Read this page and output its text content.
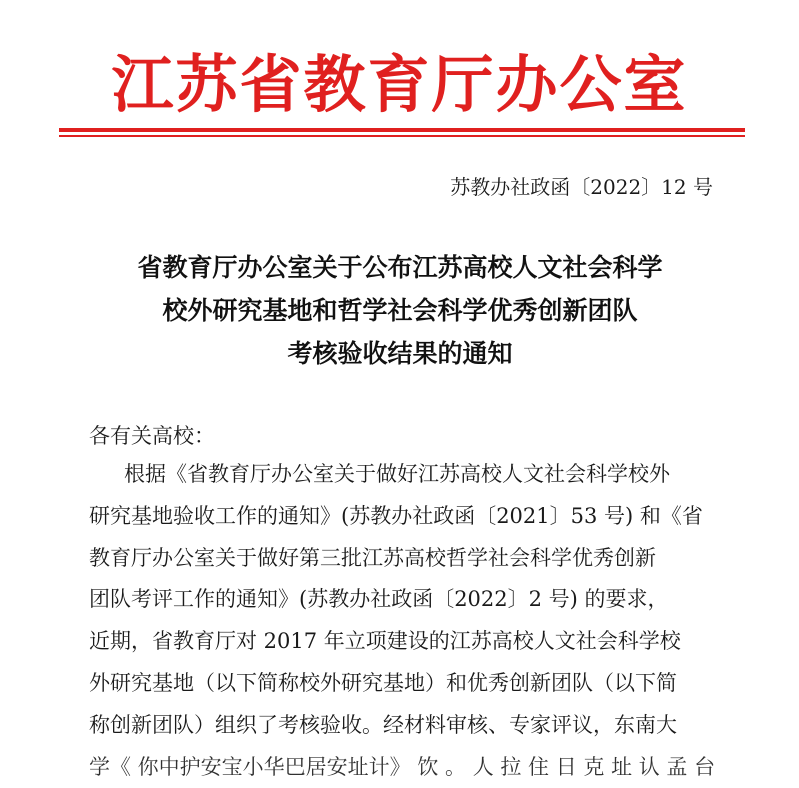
江苏省教育厅办公室
苏教办社政函〔2022〕12 号
省教育厅办公室关于公布江苏高校人文社会科学
校外研究基地和哲学社会科学优秀创新团队
考核验收结果的通知
各有关高校：
根据《省教育厅办公室关于做好江苏高校人文社会科学校外
研究基地验收工作的通知》(苏教办社政函〔2021〕53 号) 和《省
教育厅办公室关于做好第三批江苏高校哲学社会科学优秀创新
团队考评工作的通知》(苏教办社政函〔2022〕2 号) 的要求，
近期，省教育厅对 2017 年立项建设的江苏高校人文社会科学校
外研究基地（以下简称校外研究基地）和优秀创新团队（以下简
称创新团队）组织了考核验收。经材料审核、专家评议，东南大
学《 你中护安宝小华巴居安址计》 饮 。 人 拉 住 日 克 址 认 孟 台
